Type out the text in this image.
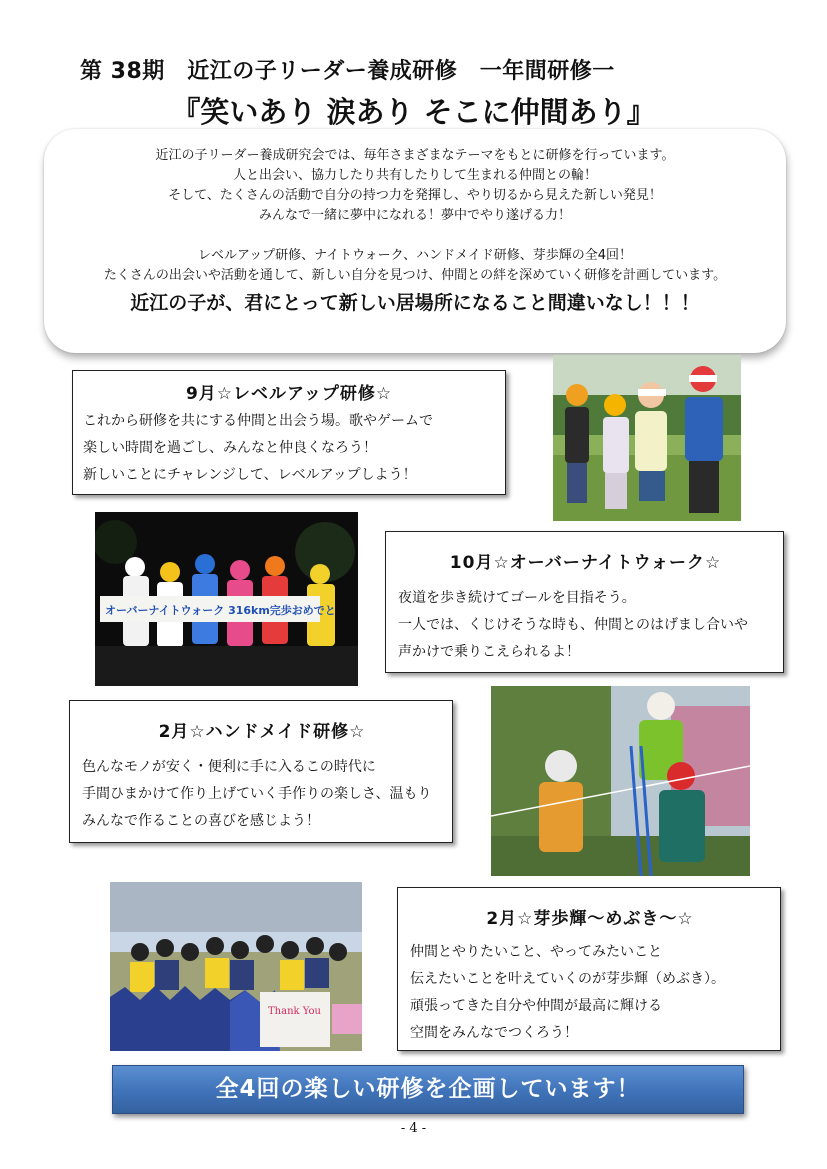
第 38期　近江の子リーダー養成研修　一年間研修一
『笑いあり 涙あり そこに仲間あり』
近江の子リーダー養成研究会では、毎年さまざまなテーマをもとに研修を行っています。
人と出会い、協力したり共有したりして生まれる仲間との輪！
そして、たくさんの活動で自分の持つ力を発揮し、やり切るから見えた新しい発見！
みんなで一緒に夢中になれる！夢中でやり遂げる力！
レベルアップ研修、ナイトウォーク、ハンドメイド研修、芽歩輝の全4回！
たくさんの出会いや活動を通して、新しい自分を見つけ、仲間との絆を深めていく研修を計画しています。
近江の子が、君にとって新しい居場所になること間違いなし！！！
9月☆レベルアップ研修☆
これから研修を共にする仲間と出会う場。歌やゲームで
楽しい時間を過ごし、みんなと仲良くなろう！
新しいことにチャレンジして、レベルアップしよう！
オーバーナイトウォーク 316km完歩おめでと
10月☆オーバーナイトウォーク☆
夜道を歩き続けてゴールを目指そう。
一人では、くじけそうな時も、仲間とのはげまし合いや
声かけで乗りこえられるよ！
2月☆ハンドメイド研修☆
色んなモノが安く・便利に手に入るこの時代に
手間ひまかけて作り上げていく手作りの楽しさ、温もり
みんなで作ることの喜びを感じよう！
Thank You
2月☆芽歩輝～めぶき～☆
仲間とやりたいこと、やってみたいこと
伝えたいことを叶えていくのが芽歩輝（めぶき）。
頑張ってきた自分や仲間が最高に輝ける
空間をみんなでつくろう！
全4回の楽しい研修を企画しています！
- 4 -
